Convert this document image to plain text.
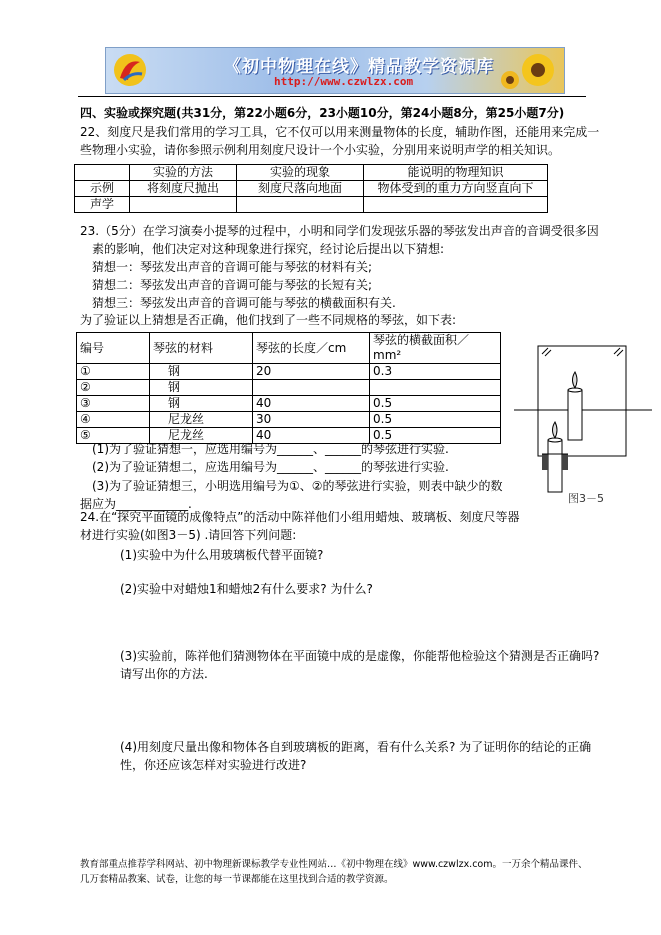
《初中物理在线》精品教学资源库
http://www.czwlzx.com
四、实验或探究题(共31分，第22小题6分，23小题10分，第24小题8分，第25小题7分)
22、刻度尺是我们常用的学习工具，它不仅可以用来测量物体的长度，辅助作图，还能用来完成一
些物理小实验，请你参照示例利用刻度尺设计一个小实验，分别用来说明声学的相关知识。
	实验的方法	实验的现象	能说明的物理知识
示例	将刻度尺抛出	刻度尺落向地面	物体受到的重力方向竖直向下
声学			
23.（5分）在学习演奏小提琴的过程中，小明和同学们发现弦乐器的琴弦发出声音的音调受很多因
素的影响，他们决定对这种现象进行探究，经讨论后提出以下猜想:
猜想一：琴弦发出声音的音调可能与琴弦的材料有关;
猜想二：琴弦发出声音的音调可能与琴弦的长短有关;
猜想三：琴弦发出声音的音调可能与琴弦的横截面积有关.
为了验证以上猜想是否正确，他们找到了一些不同规格的琴弦，如下表:
编号	琴弦的材料	琴弦的长度／cm	琴弦的横截面积／mm²
①	钢	20	0.3
②	钢		
③	钢	40	0.5
④	尼龙丝	30	0.5
⑤	尼龙丝	40	0.5
(1)为了验证猜想一，应选用编号为______、______的琴弦进行实验.
(2)为了验证猜想二，应选用编号为______、______的琴弦进行实验.
(3)为了验证猜想三，小明选用编号为①、②的琴弦进行实验，则表中缺少的数
据应为____________.	图3－5
24.在“探究平面镜的成像特点”的活动中陈祥他们小组用蜡烛、玻璃板、刻度尺等器
材进行实验(如图3－5) .请回答下列问题:
(1)实验中为什么用玻璃板代替平面镜?
(2)实验中对蜡烛1和蜡烛2有什么要求? 为什么?
(3)实验前，陈祥他们猜测物体在平面镜中成的是虚像，你能帮他检验这个猜测是否正确吗?
请写出你的方法.
(4)用刻度尺量出像和物体各自到玻璃板的距离，看有什么关系? 为了证明你的结论的正确
性，你还应该怎样对实验进行改进?
教育部重点推荐学科网站、初中物理新课标教学专业性网站…《初中物理在线》www.czwlzx.com。一万余个精品课件、
几万套精品教案、试卷，让您的每一节课都能在这里找到合适的教学资源。
